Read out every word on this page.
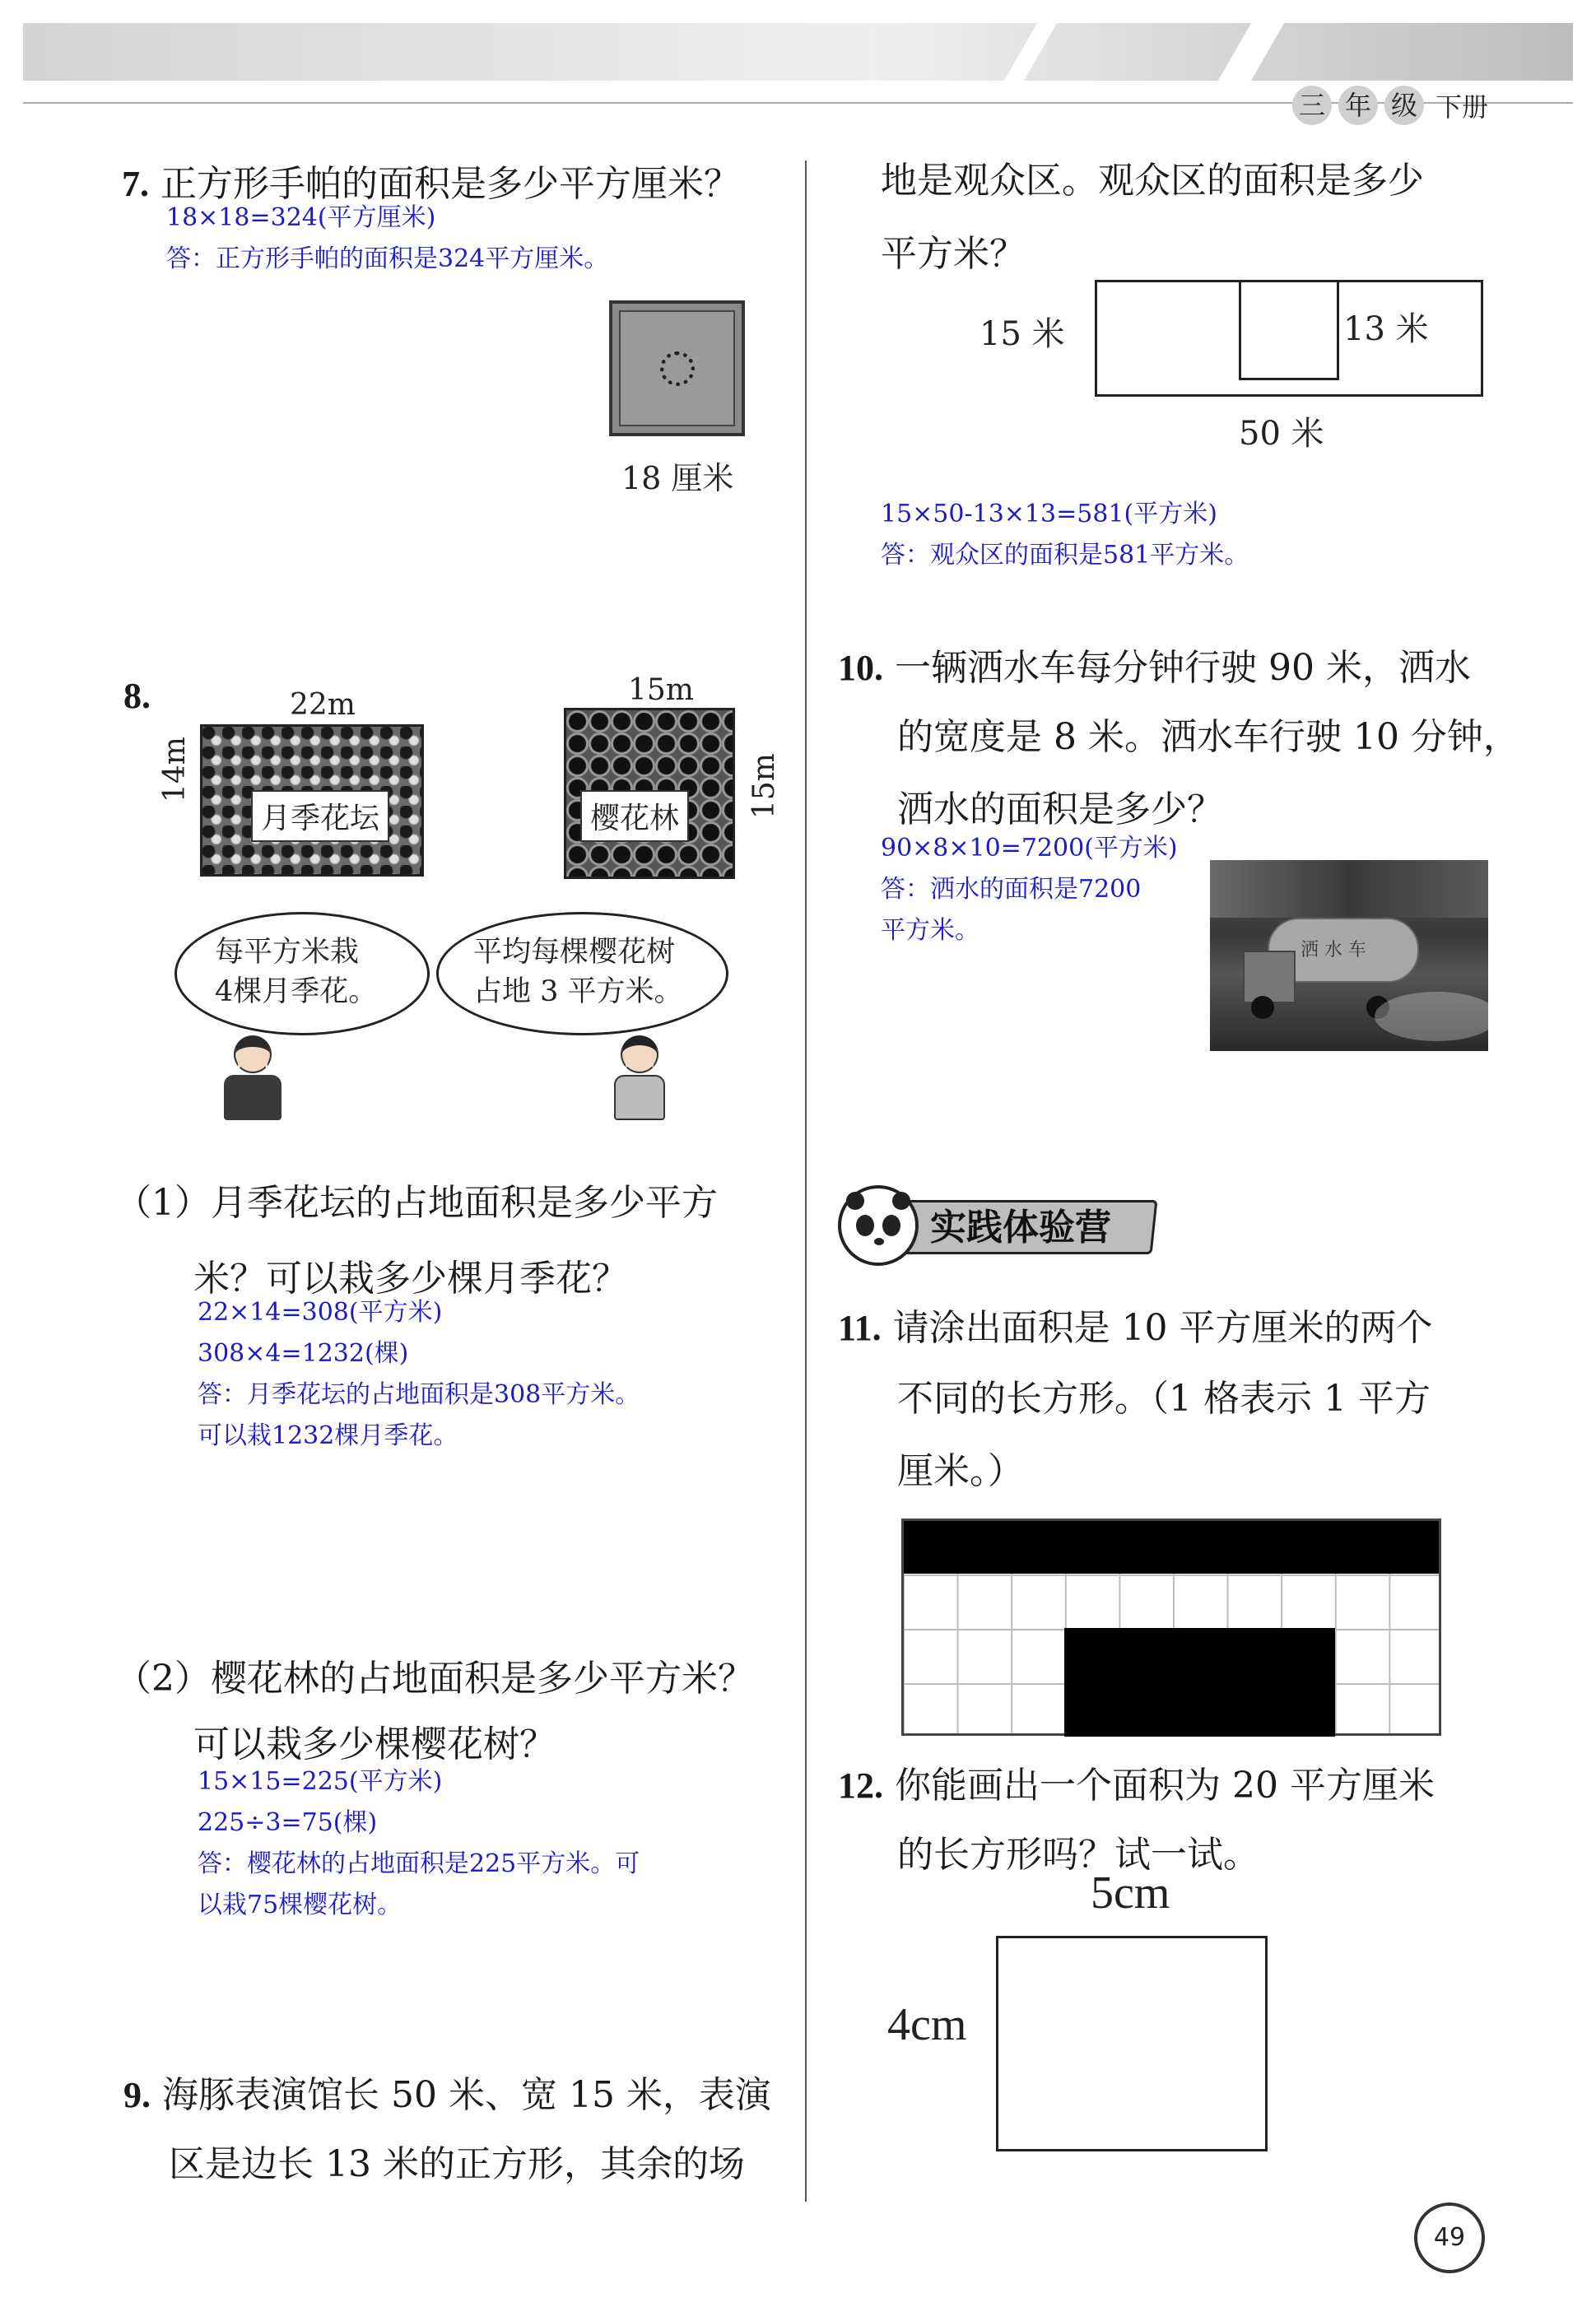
三 年 级 下册
7. 正方形手帕的面积是多少平方厘米？
18×18=324(平方厘米)
答：正方形手帕的面积是324平方厘米。
18 厘米
8.	22m
14m
月季花坛
15m
15m
樱花林
每平方米栽
4棵月季花。
平均每棵樱花树
占地 3 平方米。
（1）月季花坛的占地面积是多少平方
米？可以栽多少棵月季花？
22×14=308(平方米)
308×4=1232(棵)
答：月季花坛的占地面积是308平方米。
可以栽1232棵月季花。
（2）樱花林的占地面积是多少平方米？
可以栽多少棵樱花树？
15×15=225(平方米)
225÷3=75(棵)
答：樱花林的占地面积是225平方米。可
以栽75棵樱花树。
9. 海豚表演馆长 50 米、宽 15 米，表演
区是边长 13 米的正方形，其余的场
地是观众区。观众区的面积是多少
平方米？
15 米	13 米
50 米
15×50-13×13=581(平方米)
答：观众区的面积是581平方米。
10. 一辆洒水车每分钟行驶 90 米，洒水
的宽度是 8 米。洒水车行驶 10 分钟，
洒水的面积是多少？
90×8×10=7200(平方米)
答：洒水的面积是7200
平方米。
洒 水 车
实践体验营
11. 请涂出面积是 10 平方厘米的两个
不同的长方形。（1 格表示 1 平方
厘米。）
12. 你能画出一个面积为 20 平方厘米
的长方形吗？试一试。
5cm
4cm
49
